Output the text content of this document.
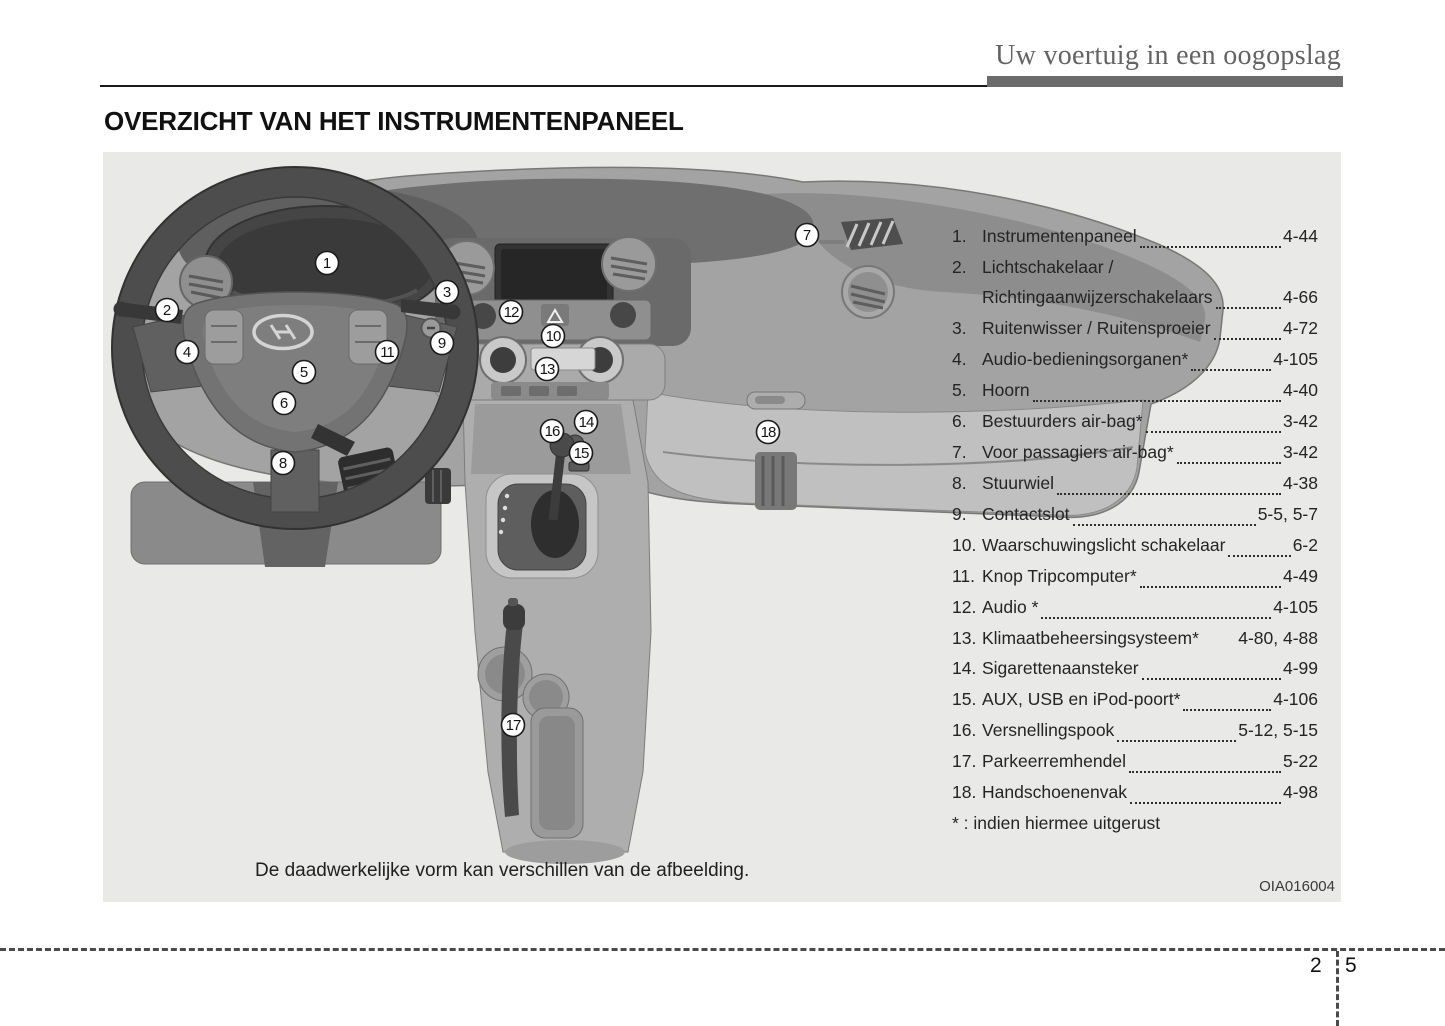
Uw voertuig in een oogopslag
OVERZICHT VAN HET INSTRUMENTENPANEEL
1
2
3
4
5
6
7
8
9	10
11
12
13
14
15
16
17
18
1. Instrumentenpaneel	4-44
2. Lichtschakelaar /
Richtingaanwijzerschakelaars	4-66
3. Ruitenwisser / Ruitensproeier	4-72
4. Audio-bedieningsorganen*	4-105
5. Hoorn	4-40
6. Bestuurders air-bag*	3-42
7. Voor passagiers air-bag*	3-42
8. Stuurwiel	4-38
9. Contactslot	5-5, 5-7
10. Waarschuwingslicht schakelaar	6-2
11. Knop Tripcomputer*	4-49
12. Audio *	4-105
13. Klimaatbeheersingsysteem* 4-80, 4-88
14. Sigarettenaansteker	4-99
15. AUX, USB en iPod-poort*	4-106
16. Versnellingspook	5-12, 5-15
17. Parkeerremhendel	5-22
18. Handschoenenvak	4-98
* : indien hiermee uitgerust
De daadwerkelijke vorm kan verschillen van de afbeelding.
OIA016004
2 5
